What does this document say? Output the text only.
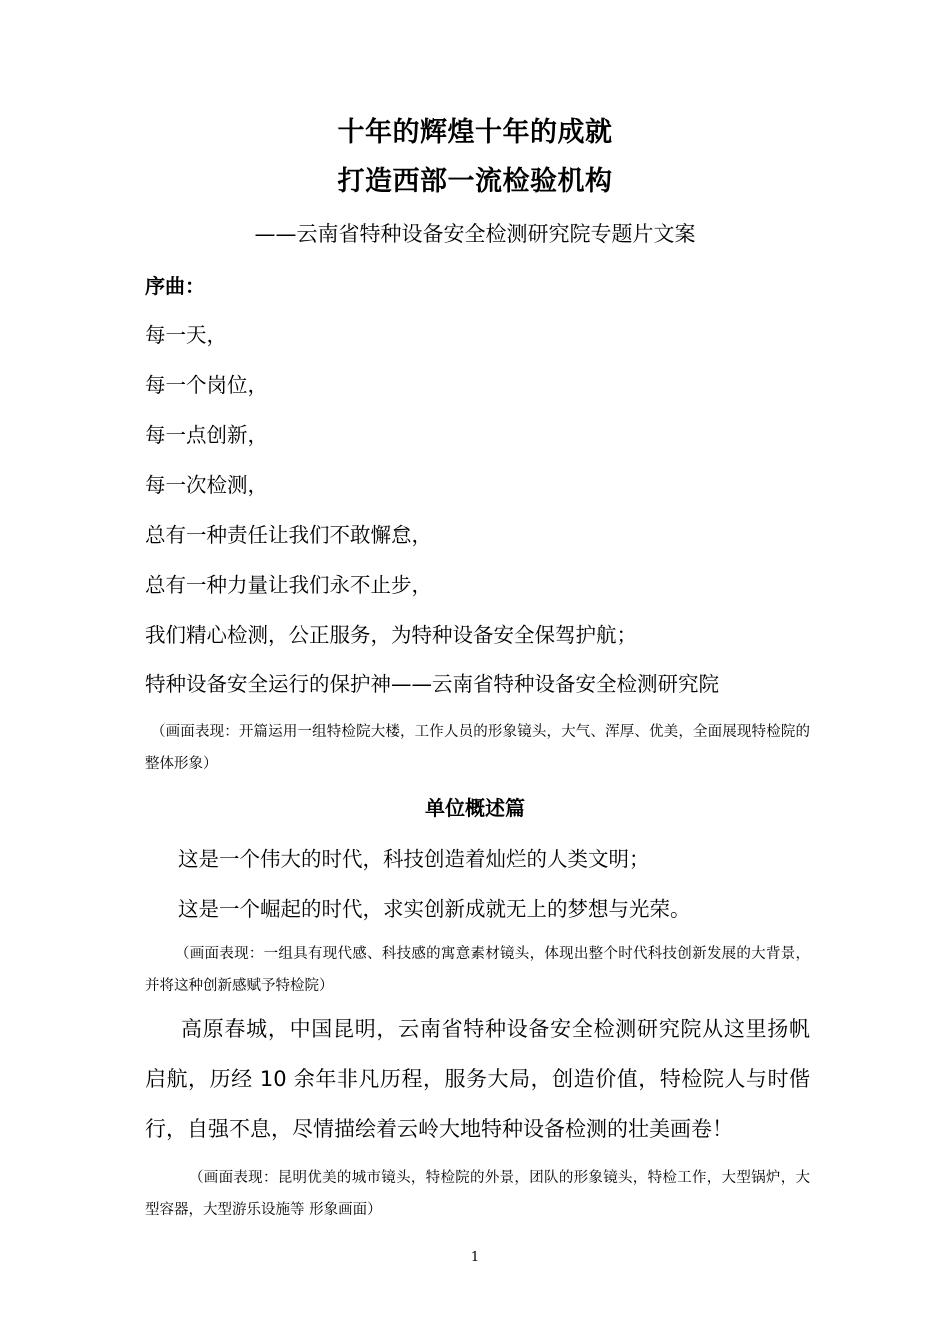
十年的辉煌十年的成就
打造西部一流检验机构
——云南省特种设备安全检测研究院专题片文案
序曲：
每一天，
每一个岗位，
每一点创新，
每一次检测，
总有一种责任让我们不敢懈怠，
总有一种力量让我们永不止步，
我们精心检测，公正服务，为特种设备安全保驾护航；
特种设备安全运行的保护神——云南省特种设备安全检测研究院
（画面表现：开篇运用一组特检院大楼，工作人员的形象镜头，大气、浑厚、优美，全面展现特检院的整体形象）
单位概述篇
这是一个伟大的时代，科技创造着灿烂的人类文明；
这是一个崛起的时代，求实创新成就无上的梦想与光荣。
（画面表现：一组具有现代感、科技感的寓意素材镜头，体现出整个时代科技创新发展的大背景，并将这种创新感赋予特检院）
高原春城，中国昆明，云南省特种设备安全检测研究院从这里扬帆启航，历经 10 余年非凡历程，服务大局，创造价值，特检院人与时偕行，自强不息，尽情描绘着云岭大地特种设备检测的壮美画卷！
（画面表现：昆明优美的城市镜头，特检院的外景，团队的形象镜头，特检工作，大型锅炉，大型容器，大型游乐设施等 形象画面）
1
